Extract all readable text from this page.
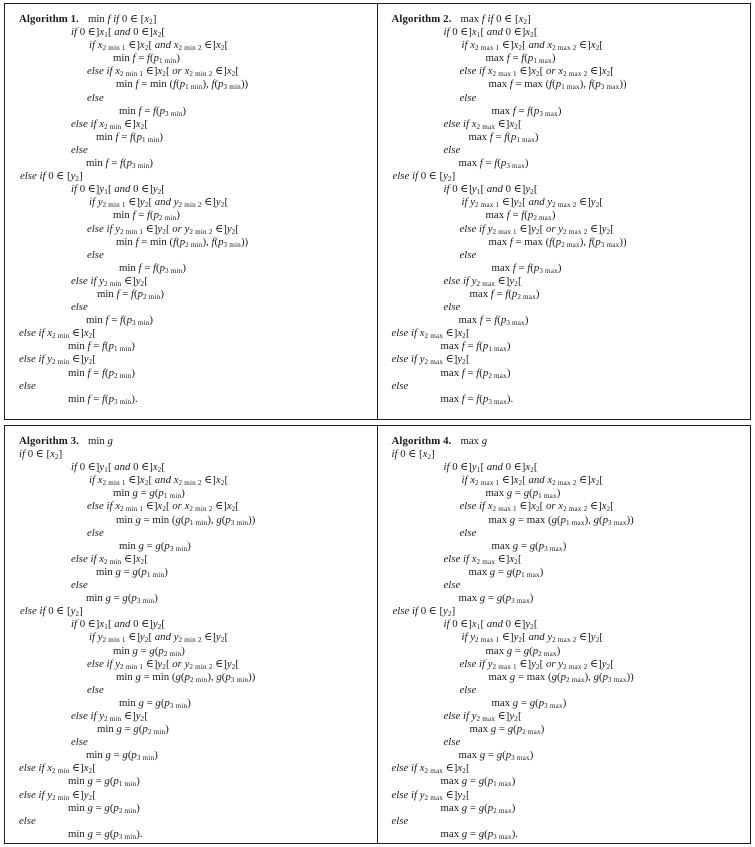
Algorithm 1. min f if 0 ∈ $[x_2]$
if 0 $\in]x_1$[ and 0 $\in]x_2$[
if $x_{2 min 1}$ $\in]x_2$[ and $x_{2 min 2}$ $\in]x_2$[
$\min f = f(p_{1 min})$
else if $x_{2 min 1}$ $\in]x_2$[ or $x_{2 min 2}$ $\in]x_2$[
$\min f = \min (f(p_{1 min})$, $f(p_{3 min})$)
else
$\min f = f(p_{3 min})$
else if $x_{2 min}$ $\in]x_2$[
$\min f = f(p_{1 min})$
else
$\min f = f(p_{3 min})$
else if 0 ∈ $[y_2]$
if 0 $\in]y_1$[ and 0 $\in]y_2$[
if $y_{2 min 1}$ $\in]y_2$[ and $y_{2 min 2}$ $\in]y_2$[
$\min f = f(p_{2 min})$
else if $y_{2 min 1}$ $\in]y_2$[ or $y_{2 min 2}$ $\in]y_2$[
$\min f = \min (f(p_{2 min})$, $f(p_{3 min})$)
else
$\min f = f(p_{3 min})$
else if $y_{2 min}$ $\in]y_2$[
$\min f = f(p_{2 min})$
else
$\min f = f(p_{3 min})$
else if $x_{2 min}$ $\in]x_2$[
$\min f = f(p_{1 min})$
else if $y_{2 min}$ $\in]y_2$[
$\min f = f(p_{2 min})$
else
$\min f = f(p_{3 min})$.
Algorithm 2. max f if 0 ∈ $[x_2]$
if 0 $\in]x_1$[ and 0 $\in]x_2$[
if $x_{2 max 1}$ $\in]x_2$[ and $x_{2 max 2}$ $\in]x_2$[
$\max f = f(p_{1 max})$
else if $x_{2 max 1}$ $\in]x_2$[ or $x_{2 max 2}$ $\in]x_2$[
$\max f = \max (f(p_{1 max})$, $f(p_{3 max})$)
else
$\max f = f(p_{3 max})$
else if $x_{2 max}$ $\in]x_2$[
$\max f = f(p_{1 max})$
else
$\max f = f(p_{3 max})$
else if 0 ∈ $[y_2]$
if 0 $\in]y_1$[ and 0 $\in]y_2$[
if $y_{2 max 1}$ $\in]y_2$[ and $y_{2 max 2}$ $\in]y_2$[
$\max f = f(p_{2 max})$
else if $y_{2 max 1}$ $\in]y_2$[ or $y_{2 max 2}$ $\in]y_2$[
$\max f = \max (f(p_{2 max})$, $f(p_{3 max})$)
else
$\max f = f(p_{3 max})$
else if $y_{2 max}$ $\in]y_2$[
$\max f = f(p_{2 max})$
else
$\max f = f(p_{3 max})$
else if $x_{2 max}$ $\in]x_2$[
$\max f = f(p_{1 max})$
else if $y_{2 max}$ $\in]y_2$[
$\max f = f(p_{2 max})$
else
$\max f = f(p_{3 max})$.
Algorithm 3. min g
if 0 ∈ $[x_2]$
if 0 $\in]y_1$[ and 0 $\in]x_2$[
if $x_{2 min 1}$ $\in]x_2$[ and $x_{2 min 2}$ $\in]x_2$[
$\min g = g(p_{1 min})$
else if $x_{2 min 1}$ $\in]x_2$[ or $x_{2 min 2}$ $\in]x_2$[
$\min g = \min (g(p_{1 min})$, $g(p_{3 min})$)
else
$\min g = g(p_{3 min})$
else if $x_{2 min}$ $\in]x_2$[
$\min g = g(p_{1 min})$
else
$\min g = g(p_{3 min})$
else if 0 ∈ $[y_2]$
if 0 $\in]x_1$[ and 0 $\in]y_2$[
if $y_{2 min 1}$ $\in]y_2$[ and $y_{2 min 2}$ $\in]y_2$[
$\min g = g(p_{2 min})$
else if $y_{2 min 1}$ $\in]y_2$[ or $y_{2 min 2}$ $\in]y_2$[
$\min g = \min (g(p_{2 min})$, $g(p_{3 min})$)
else
$\min g = g(p_{3 min})$
else if $y_{2 min}$ $\in]y_2$[
$\min g = g(p_{2 min})$
else
$\min g = g(p_{3 min})$
else if $x_{2 min}$ $\in]x_2$[
$\min g = g(p_{1 min})$
else if $y_{2 min}$ $\in]y_2$[
$\min g = g(p_{2 min})$
else
$\min g = g(p_{3 min})$.
Algorithm 4. max g
if 0 ∈ $[x_2]$
if 0 $\in]y_1$[ and 0 $\in]x_2$[
if $x_{2 max 1}$ $\in]x_2$[ and $x_{2 max 2}$ $\in]x_2$[
$\max g = g(p_{1 max})$
else if $x_{2 max 1}$ $\in]x_2$[ or $x_{2 max 2}$ $\in]x_2$[
$\max g = \max (g(p_{1 max})$, $g(p_{3 max})$)
else
$\max g = g(p_{3 max})$
else if $x_{2 max}$ $\in]x_2$[
$\max g = g(p_{1 max})$
else
$\max g = g(p_{3 max})$
else if 0 ∈ $[y_2]$
if 0 $\in]x_1$[ and 0 $\in]y_2$[
if $y_{2 max 1}$ $\in]y_2$[ and $y_{2 max 2}$ $\in]y_2$[
$\max g = g(p_{2 max})$
else if $y_{2 max 1}$ $\in]y_2$[ or $y_{2 max 2}$ $\in]y_2$[
$\max g = \max (g(p_{2 max})$, $g(p_{3 max})$)
else
$\max g = g(p_{3 max})$
else if $y_{2 max}$ $\in]y_2$[
$\max g = g(p_{2 max})$
else
$\max g = g(p_{3 max})$
else if $x_{2 max}$ $\in]x_2$[
$\max g = g(p_{1 max})$
else if $y_{2 max}$ $\in]y_2$[
$\max g = g(p_{2 max})$
else
$\max g = g(p_{3 max})$.
